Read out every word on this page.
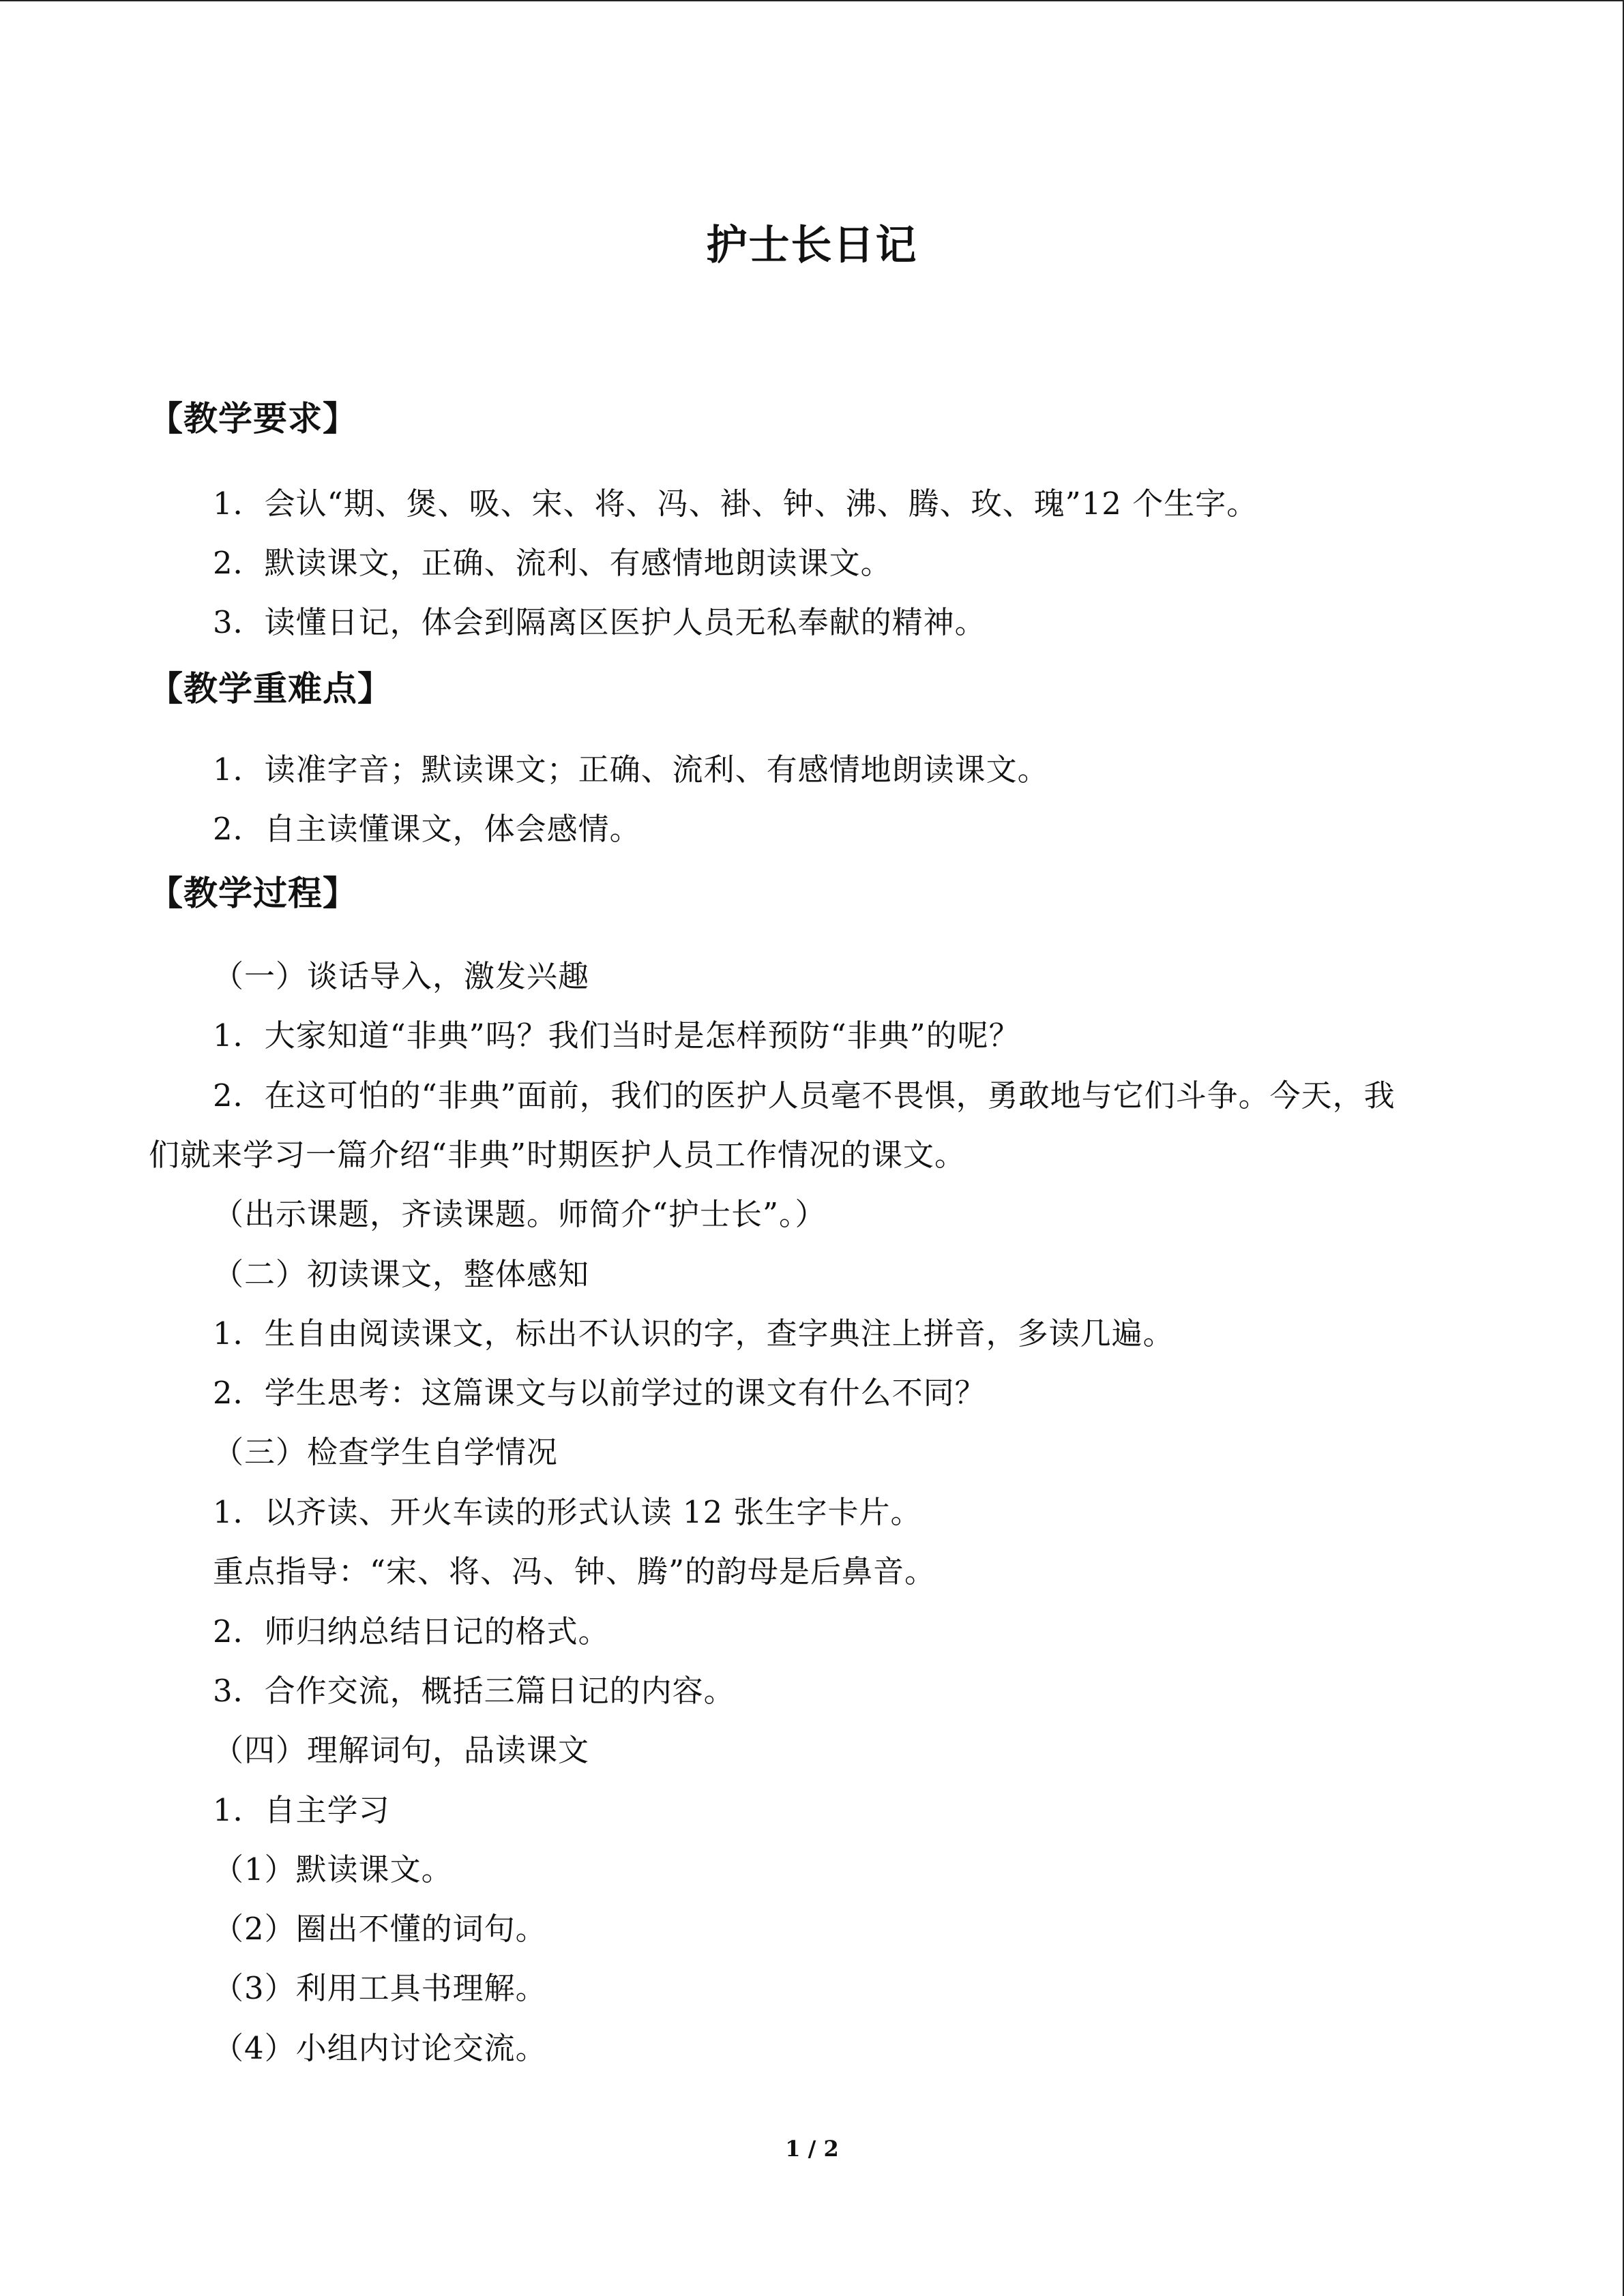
护士长日记
【教学要求】
1．会认“期、煲、吸、宋、将、冯、褂、钟、沸、腾、玫、瑰”12 个生字。
2．默读课文，正确、流利、有感情地朗读课文。
3．读懂日记，体会到隔离区医护人员无私奉献的精神。
【教学重难点】
1．读准字音；默读课文；正确、流利、有感情地朗读课文。
2．自主读懂课文，体会感情。
【教学过程】
（一）谈话导入，激发兴趣
1．大家知道“非典”吗？我们当时是怎样预防“非典”的呢？
2．在这可怕的“非典”面前，我们的医护人员毫不畏惧，勇敢地与它们斗争。今天，我
们就来学习一篇介绍“非典”时期医护人员工作情况的课文。
（出示课题，齐读课题。师简介“护士长”。）
（二）初读课文，整体感知
1．生自由阅读课文，标出不认识的字，查字典注上拼音，多读几遍。
2．学生思考：这篇课文与以前学过的课文有什么不同？
（三）检查学生自学情况
1．以齐读、开火车读的形式认读 12 张生字卡片。
重点指导：“宋、将、冯、钟、腾”的韵母是后鼻音。
2．师归纳总结日记的格式。
3．合作交流，概括三篇日记的内容。
（四）理解词句，品读课文
1．自主学习
（1）默读课文。
（2）圈出不懂的词句。
（3）利用工具书理解。
（4）小组内讨论交流。
1 / 2
